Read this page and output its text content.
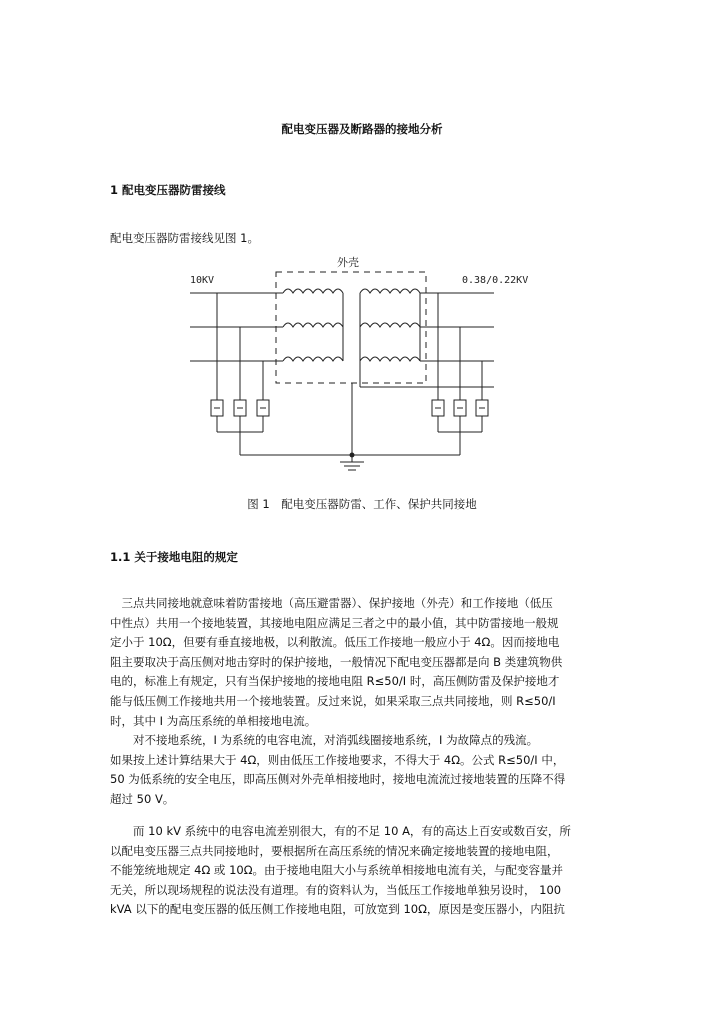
配电变压器及断路器的接地分析
1 配电变压器防雷接线
配电变压器防雷接线见图 1。
10KV
外壳
0.38/0.22KV
图 1　配电变压器防雷、工作、保护共同接地
1.1 关于接地电阻的规定
　三点共同接地就意味着防雷接地（高压避雷器）、保护接地（外壳）和工作接地（低压
中性点）共用一个接地装置，其接地电阻应满足三者之中的最小值，其中防雷接地一般规
定小于 10Ω，但要有垂直接地极，以利散流。低压工作接地一般应小于 4Ω。因而接地电
阻主要取决于高压侧对地击穿时的保护接地，一般情况下配电变压器都是向 B 类建筑物供
电的，标准上有规定，只有当保护接地的接地电阻 R≤50/I 时，高压侧防雷及保护接地才
能与低压侧工作接地共用一个接地装置。反过来说，如果采取三点共同接地，则 R≤50/I
时，其中 I 为高压系统的单相接地电流。
　　对不接地系统，I 为系统的电容电流，对消弧线圈接地系统，I 为故障点的残流。
如果按上述计算结果大于 4Ω，则由低压工作接地要求，不得大于 4Ω。公式 R≤50/I 中，
50 为低系统的安全电压，即高压侧对外壳单相接地时，接地电流流过接地装置的压降不得
超过 50 V。
　　而 10 kV 系统中的电容电流差别很大，有的不足 10 A，有的高达上百安或数百安，所
以配电变压器三点共同接地时，要根据所在高压系统的情况来确定接地装置的接地电阻，
不能笼统地规定 4Ω 或 10Ω。由于接地电阻大小与系统单相接地电流有关，与配变容量并
无关，所以现场规程的说法没有道理。有的资料认为，当低压工作接地单独另设时， 100
kVA 以下的配电变压器的低压侧工作接地电阻，可放宽到 10Ω，原因是变压器小，内阻抗
